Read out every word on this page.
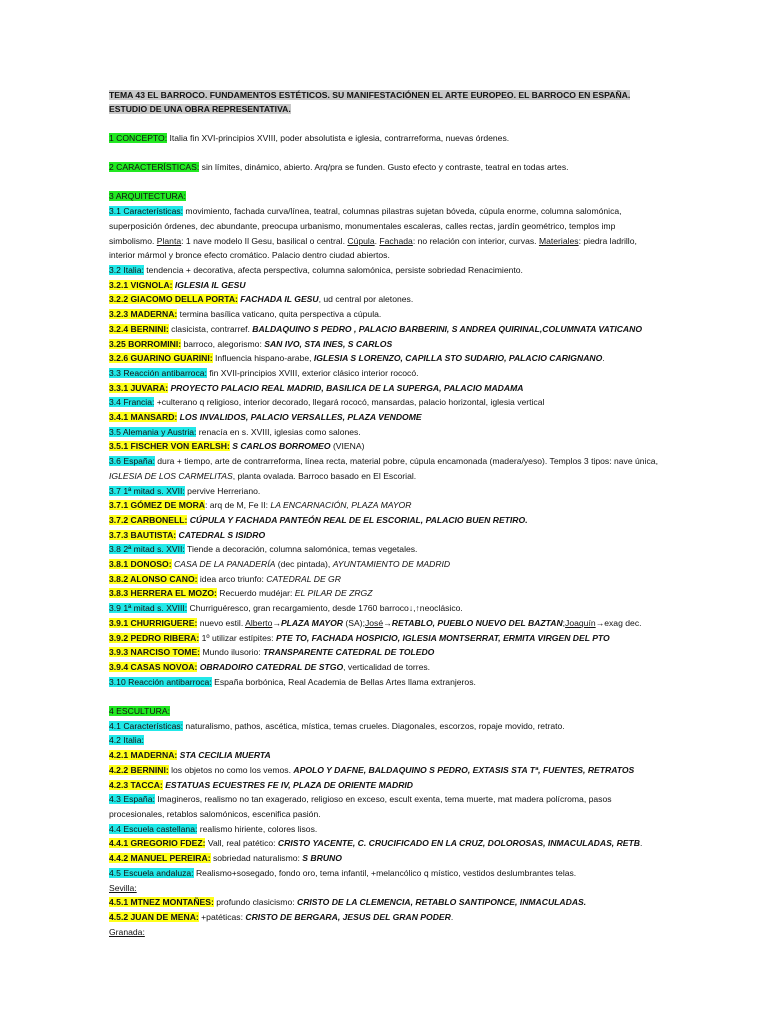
TEMA 43 EL BARROCO. FUNDAMENTOS ESTÉTICOS. SU MANIFESTACIÓNEN EL ARTE EUROPEO. EL BARROCO EN ESPAÑA. ESTUDIO DE UNA OBRA REPRESENTATIVA.
1 CONCEPTO: Italia fin XVI-principios XVIII, poder absolutista e iglesia, contrarreforma, nuevas órdenes.
2 CARACTERÍSTICAS: sin límites, dinámico, abierto. Arq/pra se funden. Gusto efecto y contraste, teatral en todas artes.
3 ARQUITECTURA:
3.1 Características: movimiento, fachada curva/línea, teatral, columnas pilastras sujetan bóveda, cúpula enorme, columna salomónica, superposición órdenes, dec abundante, preocupa urbanismo, monumentales escaleras, calles rectas, jardín geométrico, templos imp simbolismo. Planta: 1 nave modelo Il Gesu, basilical o central. Cúpula. Fachada: no relación con interior, curvas. Materiales: piedra ladrillo, interior mármol y bronce efecto cromático. Palacio dentro ciudad abiertos.
3.2 Italia: tendencia + decorativa, afecta perspectiva, columna salomónica, persiste sobriedad Renacimiento.
3.2.1 VIGNOLA: IGLESIA IL GESU
3.2.2 GIACOMO DELLA PORTA: FACHADA IL GESU, ud central por aletones.
3.2.3 MADERNA: termina basílica vaticano, quita perspectiva a cúpula.
3.2.4 BERNINI: clasicista, contrarref. BALDAQUINO S PEDRO , PALACIO BARBERINI, S ANDREA QUIRINAL,COLUMNATA VATICANO
3.25 BORROMINI: barroco, alegorismo: SAN IVO, STA INES, S CARLOS
3.2.6 GUARINO GUARINI: Influencia hispano-arabe, IGLESIA S LORENZO, CAPILLA STO SUDARIO, PALACIO CARIGNANO.
3.3 Reacción antibarroca: fin XVII-principios XVIII, exterior clásico interior rococó.
3.3.1 JUVARA: PROYECTO PALACIO REAL MADRID, BASILICA DE LA SUPERGA, PALACIO MADAMA
3.4 Francia: +culterano q religioso, interior decorado, llegará rococó, mansardas, palacio horizontal, iglesia vertical
3.4.1 MANSARD: LOS INVALIDOS, PALACIO VERSALLES, PLAZA VENDOME
3.5 Alemania y Austria: renacía en s. XVIII, iglesias como salones.
3.5.1 FISCHER VON EARLSH: S CARLOS BORROMEO (VIENA)
3.6 España: dura + tiempo, arte de contrarreforma, línea recta, material pobre, cúpula encamonada (madera/yeso). Templos 3 tipos: nave única, IGLESIA DE LOS CARMELITAS, planta ovalada. Barroco basado en El Escorial.
3.7 1ª mitad s. XVII: pervive Herreriano.
3.7.1 GÓMEZ DE MORA: arq de M, Fe II: LA ENCARNACIÓN, PLAZA MAYOR
3.7.2 CARBONELL: CÚPULA Y FACHADA PANTEÓN REAL DE EL ESCORIAL, PALACIO BUEN RETIRO.
3.7.3 BAUTISTA: CATEDRAL S ISIDRO
3.8 2ª mitad s. XVII: Tiende a decoración, columna salomónica, temas vegetales.
3.8.1 DONOSO: CASA DE LA PANADERÍA (dec pintada), AYUNTAMIENTO DE MADRID
3.8.2 ALONSO CANO: idea arco triunfo: CATEDRAL DE GR
3.8.3 HERRERA EL MOZO: Recuerdo mudéjar: EL PILAR DE ZRGZ
3.9 1ª mitad s. XVIII: Churriguéresco, gran recargamiento, desde 1760 barroco↓,↑neoclásico.
3.9.1 CHURRIGUERE: nuevo estil. Alberto→PLAZA MAYOR (SA);José→RETABLO, PUEBLO NUEVO DEL BAZTAN;Joaquín→exag dec.
3.9.2 PEDRO RIBERA: 1º utilizar estípites: PTE TO, FACHADA HOSPICIO, IGLESIA MONTSERRAT, ERMITA VIRGEN DEL PTO
3.9.3 NARCISO TOME: Mundo ilusorio: TRANSPARENTE CATEDRAL DE TOLEDO
3.9.4 CASAS NOVOA: OBRADOIRO CATEDRAL DE STGO, verticalidad de torres.
3.10 Reacción antibarroca: España borbónica, Real Academia de Bellas Artes llama extranjeros.
4 ESCULTURA:
4.1 Características: naturalismo, pathos, ascética, mística, temas crueles. Diagonales, escorzos, ropaje movido, retrato.
4.2 Italia:
4.2.1 MADERNA: STA CECILIA MUERTA
4.2.2 BERNINI: los objetos no como los vemos. APOLO Y DAFNE, BALDAQUINO S PEDRO, EXTASIS STA Tª, FUENTES, RETRATOS
4.2.3 TACCA: ESTATUAS ECUESTRES FE IV, PLAZA DE ORIENTE MADRID
4.3 España: Imagineros, realismo no tan exagerado, religioso en exceso, escult exenta, tema muerte, mat madera polícroma, pasos procesionales, retablos salomónicos, escenifica pasión.
4.4 Escuela castellana: realismo hiriente, colores lisos.
4.4.1 GREGORIO FDEZ: Vall, real patético: CRISTO YACENTE, C. CRUCIFICADO EN LA CRUZ, DOLOROSAS, INMACULADAS, RETB.
4.4.2 MANUEL PEREIRA: sobriedad naturalismo: S BRUNO
4.5 Escuela andaluza: Realismo+sosegado, fondo oro, tema infantil, +melancólico q místico, vestidos deslumbrantes telas.
Sevilla:
4.5.1 MTNEZ MONTAÑES: profundo clasicismo: CRISTO DE LA CLEMENCIA, RETABLO SANTIPONCE, INMACULADAS.
4.5.2 JUAN DE MENA: +patéticas: CRISTO DE BERGARA, JESUS DEL GRAN PODER.
Granada:
